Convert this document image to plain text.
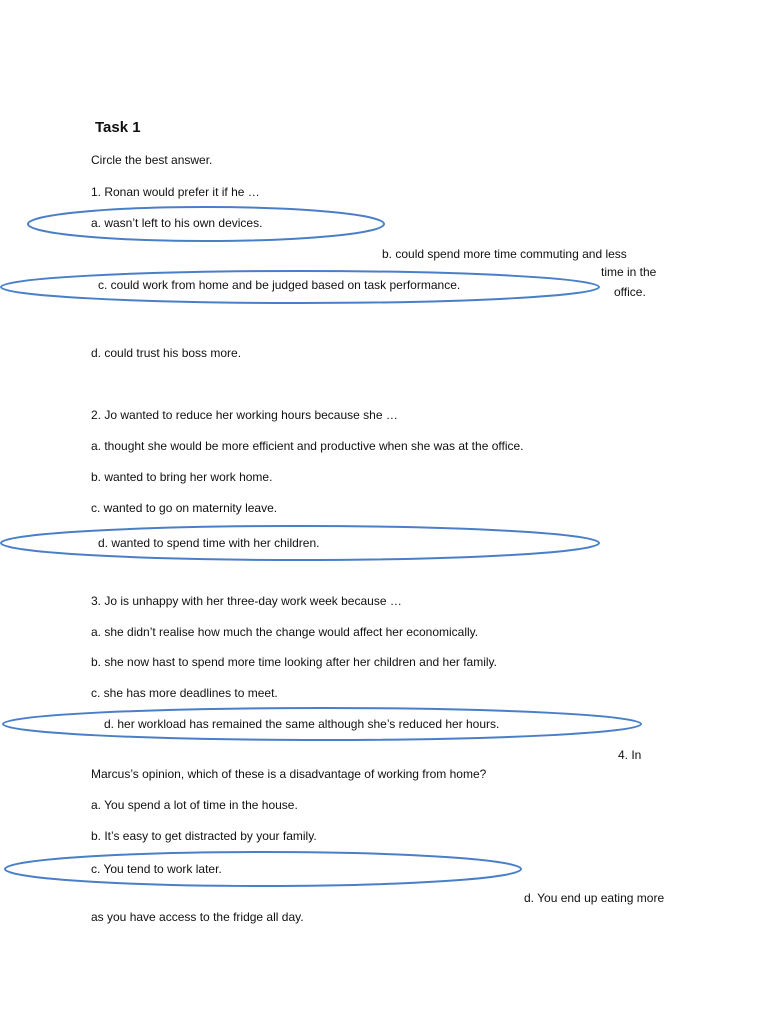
Task 1
Circle the best answer.
1. Ronan would prefer it if he …
a. wasn’t left to his own devices.
b. could spend more time commuting and less
time in the
c. could work from home and be judged based on task performance.	office.
d. could trust his boss more.
2. Jo wanted to reduce her working hours because she …
a. thought she would be more efficient and productive when she was at the office.
b. wanted to bring her work home.
c. wanted to go on maternity leave.
d. wanted to spend time with her children.
3. Jo is unhappy with her three-day work week because …
a. she didn’t realise how much the change would affect her economically.
b. she now hast to spend more time looking after her children and her family.
c. she has more deadlines to meet.
d. her workload has remained the same although she’s reduced her hours.
4. In
Marcus’s opinion, which of these is a disadvantage of working from home?
a. You spend a lot of time in the house.
b. It’s easy to get distracted by your family.
c. You tend to work later.
d. You end up eating more
as you have access to the fridge all day.
